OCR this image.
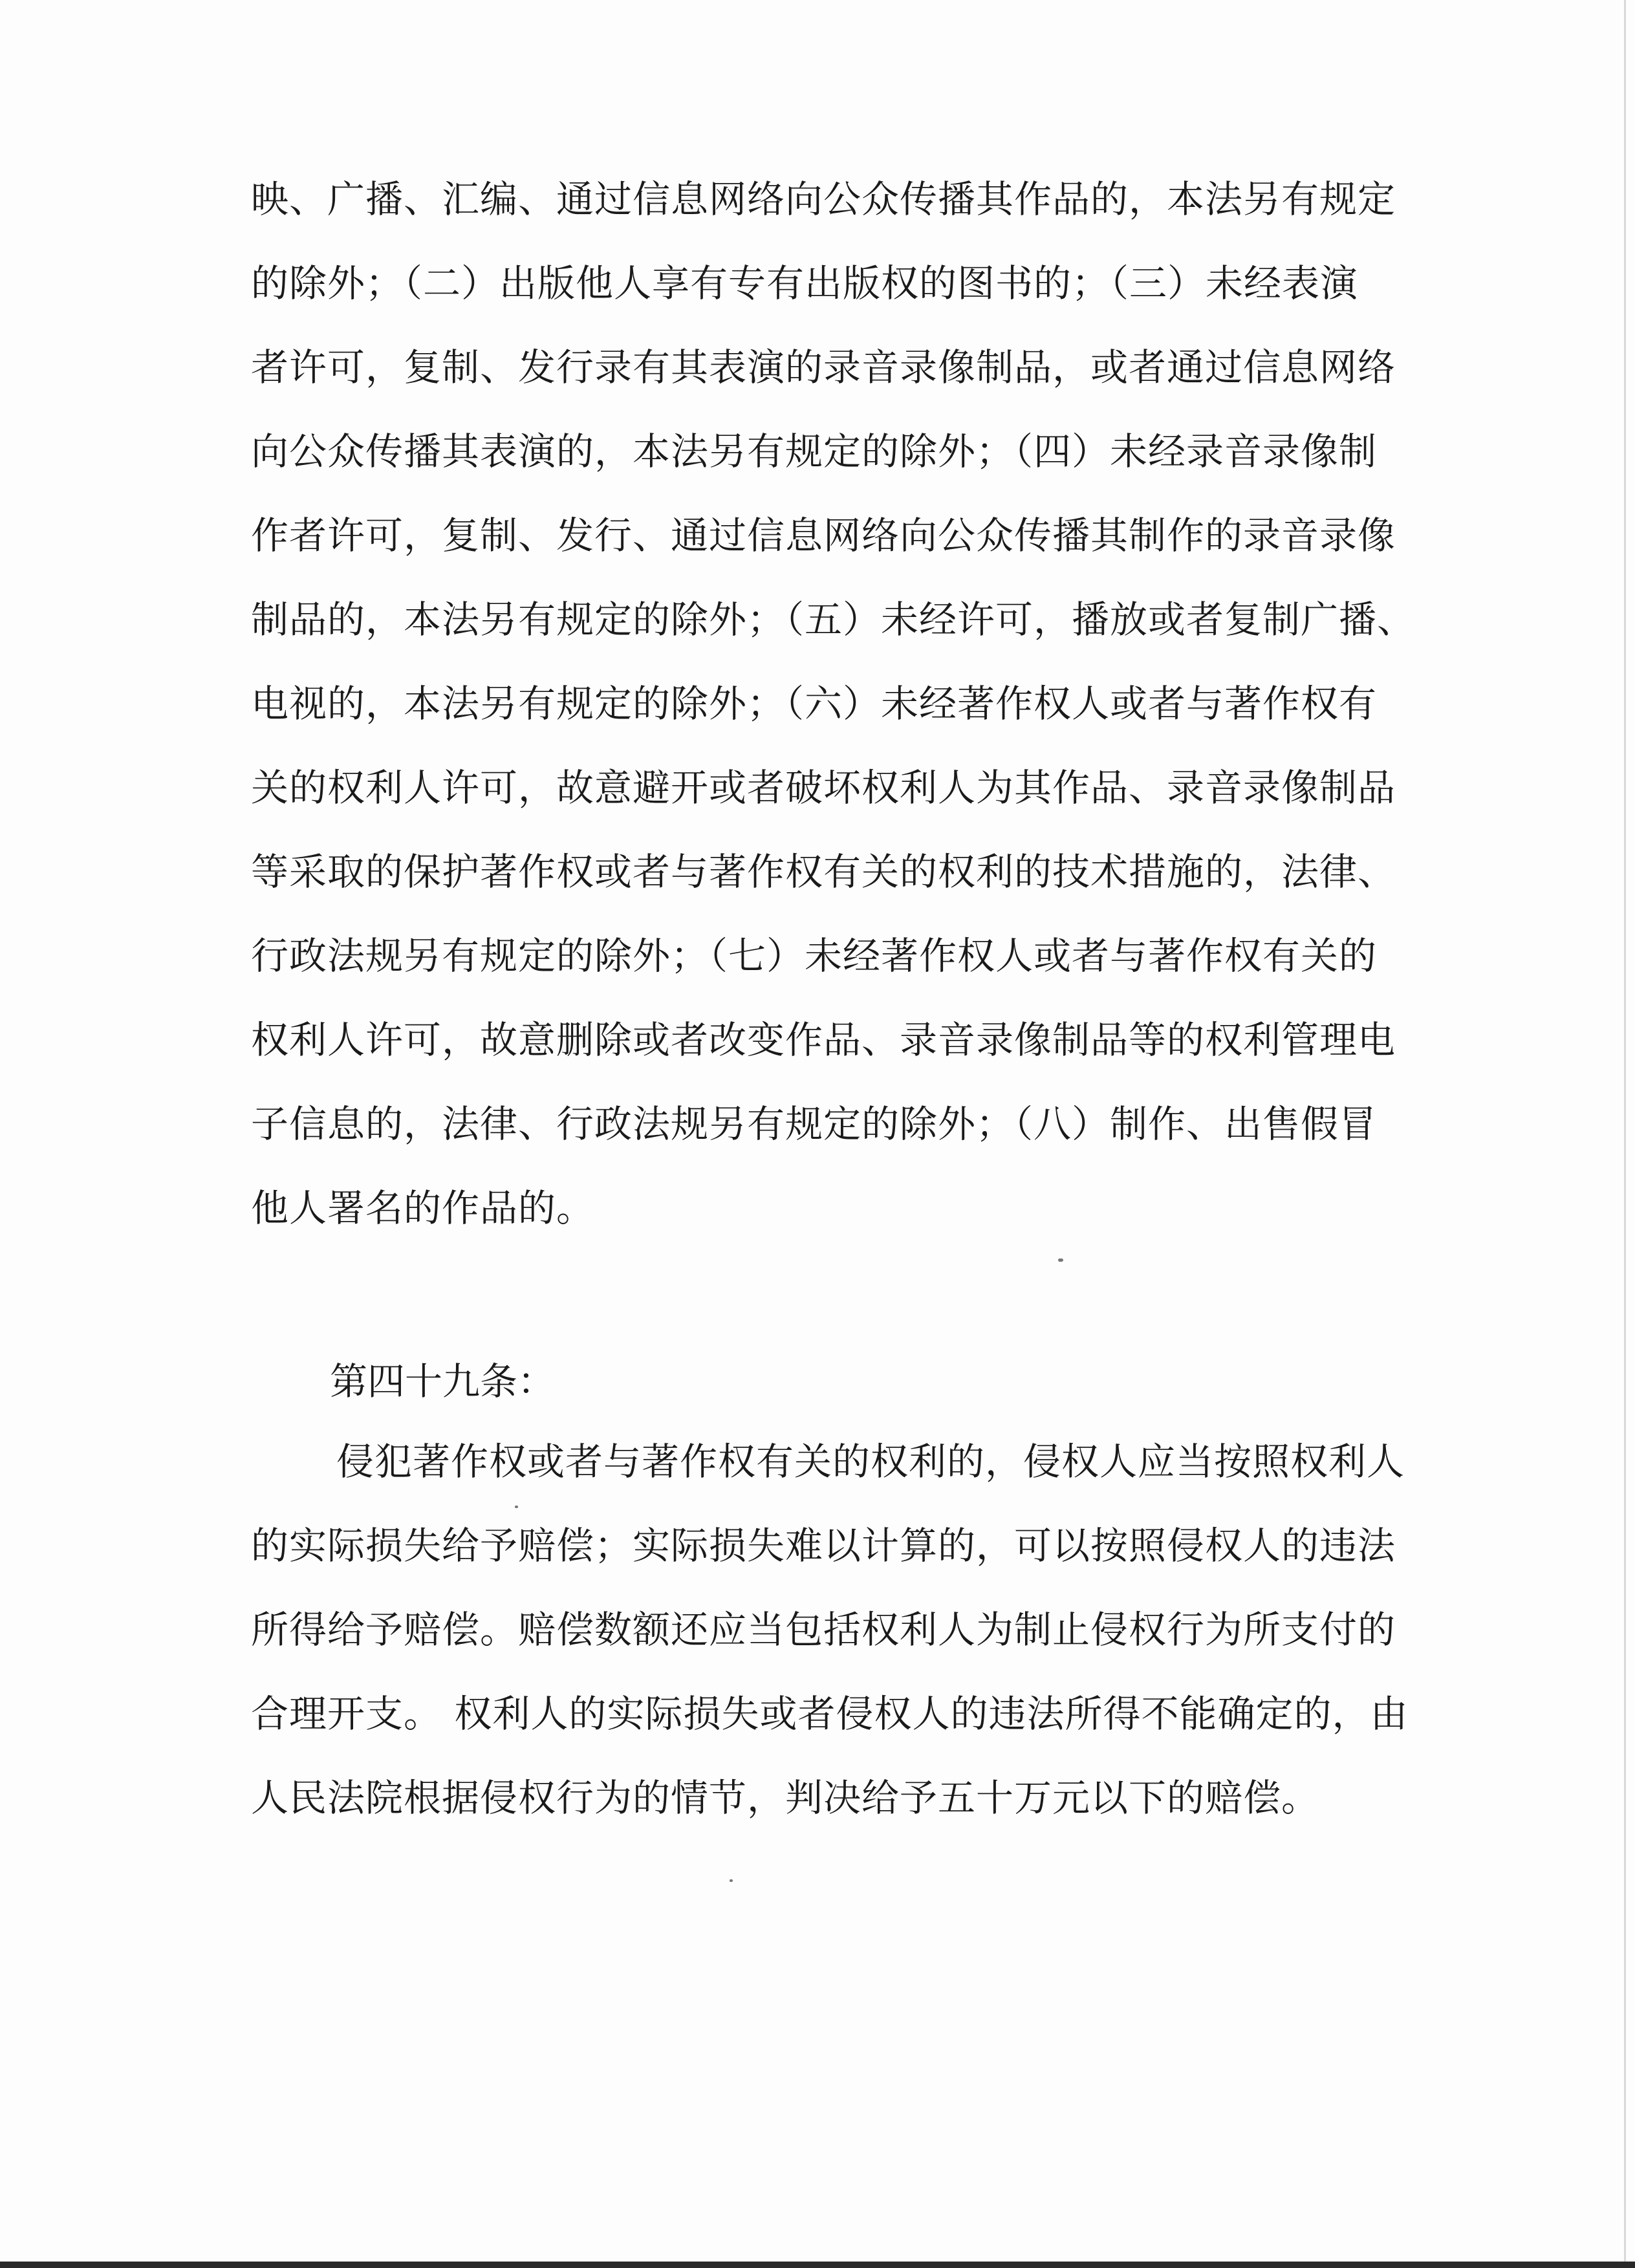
映、广播、汇编、通过信息网络向公众传播其作品的，本法另有规定
的除外；（二）出版他人享有专有出版权的图书的；（三）未经表演
者许可，复制、发行录有其表演的录音录像制品，或者通过信息网络
向公众传播其表演的，本法另有规定的除外；（四）未经录音录像制
作者许可，复制、发行、通过信息网络向公众传播其制作的录音录像
制品的，本法另有规定的除外；（五）未经许可，播放或者复制广播、
电视的，本法另有规定的除外；（六）未经著作权人或者与著作权有
关的权利人许可，故意避开或者破坏权利人为其作品、录音录像制品
等采取的保护著作权或者与著作权有关的权利的技术措施的，法律、
行政法规另有规定的除外；（七）未经著作权人或者与著作权有关的
权利人许可，故意删除或者改变作品、录音录像制品等的权利管理电
子信息的，法律、行政法规另有规定的除外；（八）制作、出售假冒
他人署名的作品的。
第四十九条：
侵犯著作权或者与著作权有关的权利的，侵权人应当按照权利人
的实际损失给予赔偿；实际损失难以计算的，可以按照侵权人的违法
所得给予赔偿。赔偿数额还应当包括权利人为制止侵权行为所支付的
合理开支。 权利人的实际损失或者侵权人的违法所得不能确定的，由
人民法院根据侵权行为的情节，判决给予五十万元以下的赔偿。
